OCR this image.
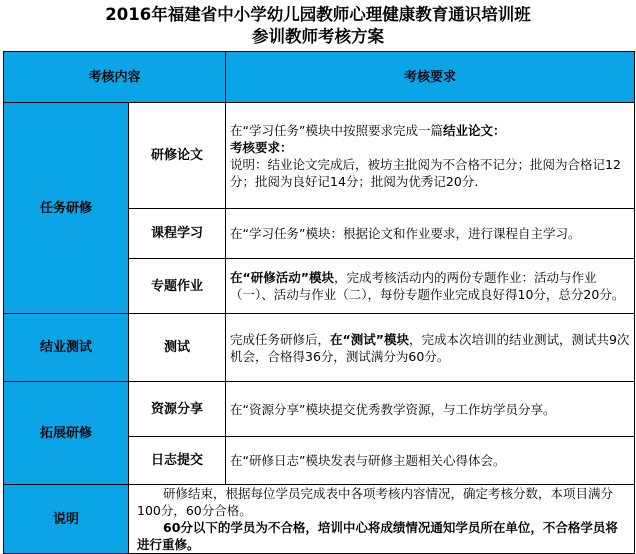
2016年福建省中小学幼儿园教师心理健康教育通识培训班
参训教师考核方案
考核内容		考核要求
任务研修	研修论文	在“学习任务”模块中按照要求完成一篇结业论文：
考核要求：
说明：结业论文完成后，被坊主批阅为不合格不记分；批阅为合格记12分；批阅为良好记14分；批阅为优秀记20分.

	课程学习	在“学习任务”模块：根据论文和作业要求，进行课程自主学习。
	专题作业	在“研修活动”模块，完成考核活动内的两份专题作业：活动与作业（一）、活动与作业（二），每份专题作业完成良好得10分，总分20分。
结业测试	测试	完成任务研修后，在“测试”模块，完成本次培训的结业测试，测试共9次机会，合格得36分，测试满分为60分。
拓展研修	资源分享	在“资源分享”模块提交优秀教学资源，与工作坊学员分享。
	日志提交	在“研修日志”模块发表与研修主题相关心得体会。
说明	研修结束，根据每位学员完成表中各项考核内容情况，确定考核分数，本项目满分100分，60分合格。
60分以下的学员为不合格，培训中心将成绩情况通知学员所在单位，不合格学员将进行重修。	
